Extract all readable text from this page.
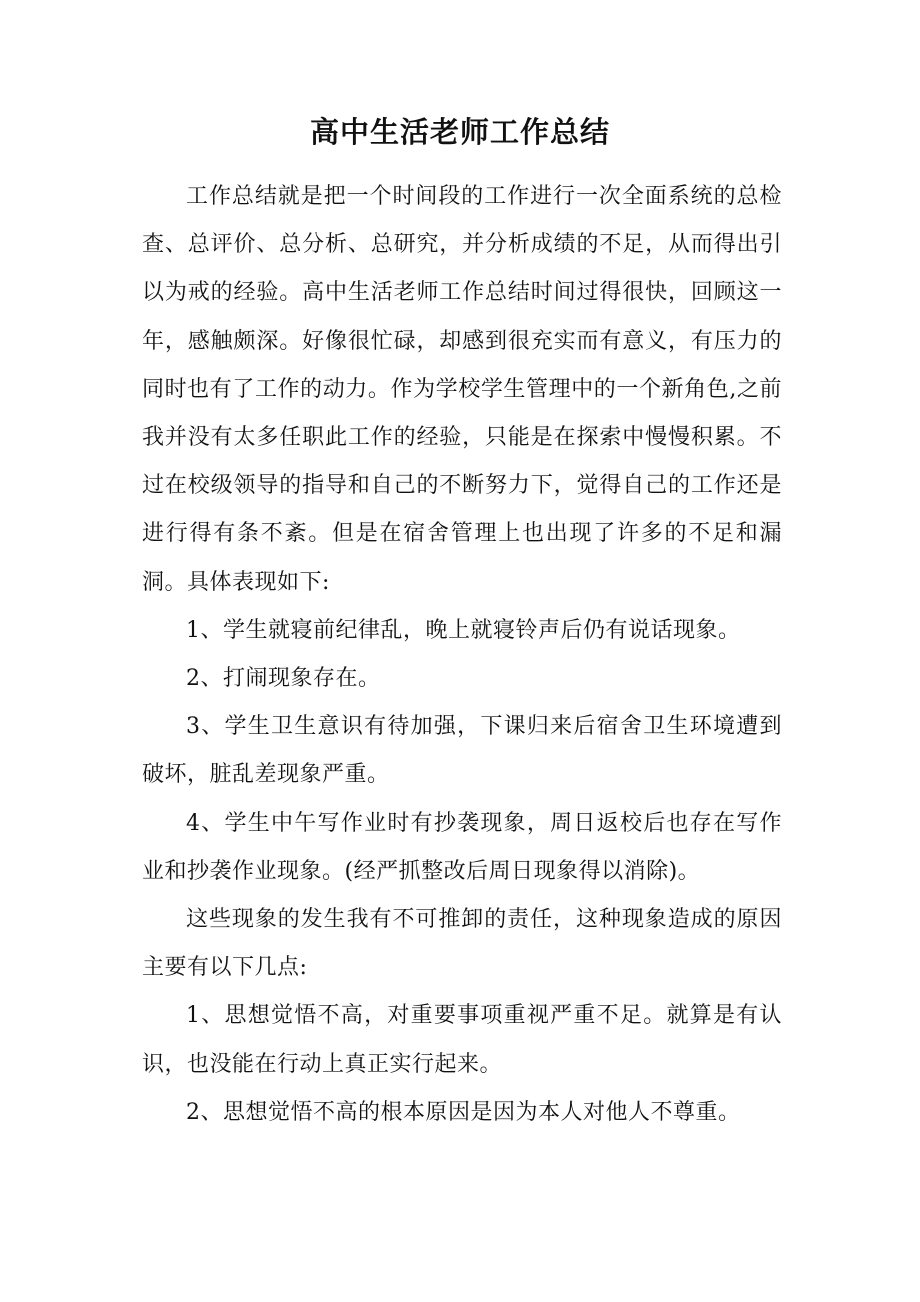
高中生活老师工作总结

工作总结就是把一个时间段的工作进行一次全面系统的总检查、总评价、总分析、总研究，并分析成绩的不足，从而得出引以为戒的经验。高中生活老师工作总结时间过得很快，回顾这一年，感触颇深。好像很忙碌，却感到很充实而有意义，有压力的同时也有了工作的动力。作为学校学生管理中的一个新角色,之前我并没有太多任职此工作的经验，只能是在探索中慢慢积累。不过在校级领导的指导和自己的不断努力下，觉得自己的工作还是进行得有条不紊。但是在宿舍管理上也出现了许多的不足和漏洞。具体表现如下:

1、学生就寝前纪律乱，晚上就寝铃声后仍有说话现象。

2、打闹现象存在。

3、学生卫生意识有待加强，下课归来后宿舍卫生环境遭到破坏，脏乱差现象严重。

4、学生中午写作业时有抄袭现象，周日返校后也存在写作业和抄袭作业现象。(经严抓整改后周日现象得以消除)。

这些现象的发生我有不可推卸的责任，这种现象造成的原因主要有以下几点:

1、思想觉悟不高，对重要事项重视严重不足。就算是有认识，也没能在行动上真正实行起来。

2、思想觉悟不高的根本原因是因为本人对他人不尊重。
